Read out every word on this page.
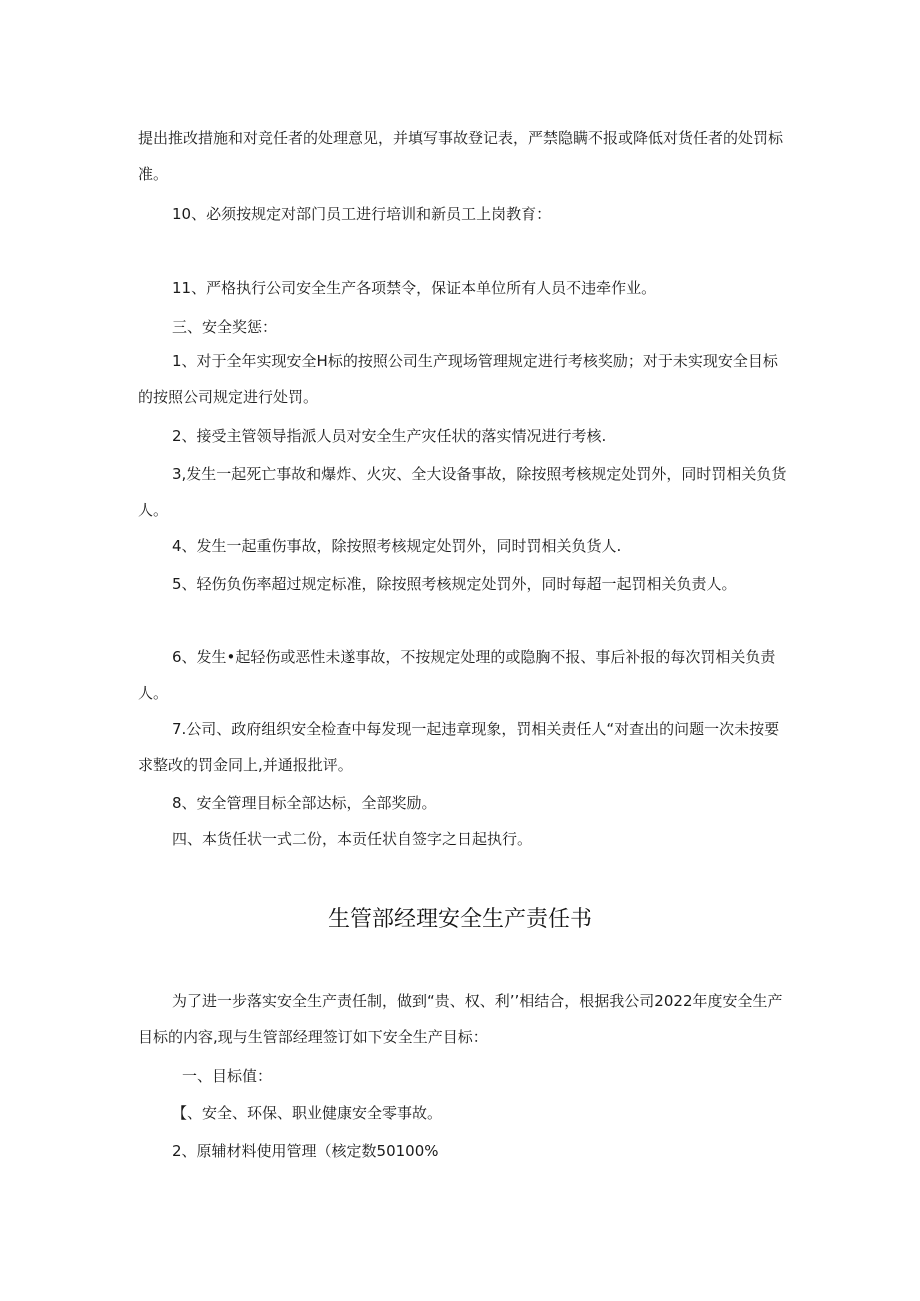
提出推改措施和对竞任者的处理意见，并填写事故登记表，严禁隐瞒不报或降低对货任者的处罚标准。
10、必须按规定对部门员工进行培训和新员工上岗教育：
11、严格执行公司安全生产各项禁令，保证本单位所有人员不违牵作业。
三、安全奖惩：
1、对于全年实现安全H标的按照公司生产现场管理规定进行考核奖励；对于未实现安全目标的按照公司规定进行处罚。
2、接受主管领导指派人员对安全生产灾任状的落实情况进行考核.
3,发生一起死亡事故和爆炸、火灾、全大设备事故，除按照考核规定处罚外，同时罚相关负货人。
4、发生一起重伤事故，除按照考核规定处罚外，同时罚相关负货人.
5、轻伤负伤率超过规定标准，除按照考核规定处罚外，同时每超一起罚相关负责人。
6、发生•起轻伤或恶性未遂事故，不按规定处理的或隐胸不报、事后补报的每次罚相关负责人。
7.公司、政府组织安全检查中每发现一起违章现象，罚相关责任人“对查出的问题一次未按要求整改的罚金同上,并通报批评。
8、安全管理目标全部达标，全部奖励。
四、本货任状一式二份，本贡任状自签字之日起执行。
生管部经理安全生产责任书
为了进一步落实安全生产责任制，做到“贵、权、利’’相结合，根据我公司2022年度安全生产目标的内容,现与生管部经理签订如下安全生产目标：
一、目标值：
【、安全、环保、职业健康安全零事故。
2、原辅材料使用管理（核定数50100%
